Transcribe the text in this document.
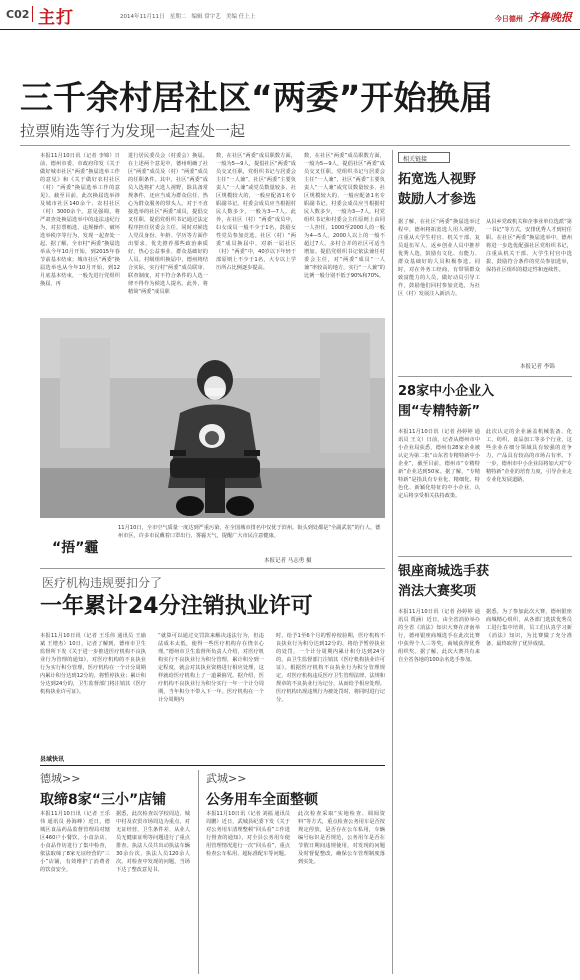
C02 主打	2014年11月11日 星期二 编辑 常宇艺 美编 任上上	今日德州 齐鲁晚报
三千余村居社区“两委”开始换届
拉票贿选等行为发现一起查处一起
本报11月10日讯（记者 李锦）日前，德州市委、市政府印发《关于做好城市社区“两委”换届选举工作的意见》和《关于做好农村社区（村）“两委”换届选举工作的意见》。截至目前，此次换届选举涉及城市社区140余个、农村社区（村）3000余个。意见强调，将严肃查处换届选举中的违法违纪行为，对拉票贿选、违规操作、破坏选举秩序等行为，发现一起查处一起。据了解，全市村“两委”换届选举从今年10月开始，到2015年春节前基本结束；城市社区“两委”换届选举也从今年10月开始，到12月底基本结束，一般先进行党组织换届，再
进行居民委员会（村委会）换届。在上述两个意见中，德州明确了社区“两委”成员及（村）“两委”成员的任职条件。其中，社区“两委”成员人选将扩大选人视野，除具备常规条件，还应当成为群众信任、热心为群众服务的带头人。对于不直接选举的社区“两委”成员，提倡交叉任职，提倡党组织书记通过法定程序担任居委会主任，同时对候选人党员身份、年龄、学历等方面作出要求，优先推荐那些政治素质好、热心公益事业、群众基础好的人员。村级组织换届中，德州将结合实际，实行村“两委”成员联审、联查制度，对不符合条件的人选一律不得作为候选人提名。此外，将精简“两委”成员职
数，在社区“两委”成员职数方面，一般为5—9人，提倡社区“两委”成员交叉任职，党组织书记与居委会主任“一人兼”，社区“两委”主要负责人“一人兼”或党员数量较多、社区规模较大的，一般应配备1名专职副书记。村委会成员应当根据村民人数多少，一般为3—7人。此外，在社区（村）“两委”成员中，妇女成员一般不少于1名，鼓励女性党员参加竞选。社区（村）“两委”成员换届中，对新一届社区（村）“两委”中，40岁以下年轻干部原则上不少于1名，大专以上学历所占比例逐步提高。
数，在社区“两委”成员职数方面，一般为5—9人，提倡社区“两委”成员交叉任职，党组织书记与居委会主任“一人兼”，社区“两委”主要负责人“一人兼”或党员数量较多、社区规模较大的，一般应配备1名专职副书记。村委会成员应当根据村民人数多少，一般为3—7人，村党组织书记和村委会主任原则上由同一人担任，1000至2000人的一般为4—5人，2000人以上的一般不超过7人。多村合并的社区可适当增加。提倡党组织书记依法兼任村委会主任，对“两委”成员“一人兼”率较高的地方，实行“一人兼”的比例一般分别不低于90%和70%。
“捂”霾
11月10日，全市空气质量一度达到严重污染，在全国城市排名中仅优于滨州。街头到处都是“全副武装”的行人。德州市区，许多市民戴着口罩出行，雾霾天气，提醒广大市民注意健康。
本报记者 马志勇 摄
医疗机构违规要扣分了
一年累计24分注销执业许可
本报11月10日讯（记者 王乐伟 通讯员 王瑜斌 王增杰）10日，记者了解到，德州市卫生监督所下发《关于进一步推进医疗机构不良执业行为管理的通知》，对医疗机构的不良执业行为实行积分管理，医疗机构在一个计分周期内累计积分达到12分的，将暂停执业；累计积分达到24分的，卫生监督部门将注销其《医疗机构执业许可证》。
“就算可以通过交罚款来解决违法行为，但违法成本太低，使得一些医疗机构存在侥幸心理。”德州市卫生监督所负责人介绍，对医疗机构实行不良执业行为积分管理，累计积分到一定程度，就会对其执业资格进行相应处理，这样就给医疗机构上了一道紧箍咒。据介绍，医疗机构不良执业行为积分实行一年一个计分周期，当年积分不带入下一年。医疗机构在一个计分周期内
时，给予1至6个月的暂停校验期，医疗机构不良执业行为积分达到12分的，将给予暂停执业的处罚，一个计分周期内累计积分达到24分的，由卫生监督部门注销其《医疗机构执业许可证》。根据医疗机构不良执业行为积分管理规定，对医疗机构违反医疗卫生管理法律、法规和规章的不良执业行为记分，从而给予相应处理。医疗机构出现违规行为被处罚时，将同时进行记分。
县域快讯
德城>>
取缔8家“三小”店铺
本报11月10日讯（记者 王乐伟 通讯员 孙海峰）近日，德城区食品药品监督管理局对辖区460户小餐饮、小食杂店、小食品作坊进行了集中检查，依法取缔了8家无证经营的“三小”店铺，有效维护了消费者的饮食安全。
据悉，此次检查以学校周边、城中村及农贸市场周边为重点，对无证经营、卫生条件差、从业人员无健康证明等问题进行了重点排查。执法人员共出动执法车辆30余台次，执法人员120余人次，对检查中发现的问题，当场下达了整改意见书。
武城>>
公务用车全面整顿
本报11月10日讯（记者 刘福 通讯员 周鹏）近日，武城县纪委下发《关于对公务用车清理整顿“回头看”工作进行督查的通知》，对全县公务用车使用管理情况进行一次“回头看”，重点检查公车私用、超标准配车等问题。
此次检查采取“实地检查、调阅资料”等方式，重点检查公务用车是否按规定停放，是否存在公车私用，车辆编号标识是否规范，公务用车是否在节假日期间违规使用，对发现的问题及时督促整改，确保公车管理制度落到实处。
相关链接
拓宽选人视野 鼓励人才参选
据了解，在社区“两委”换届选举过程中，德州将拓宽选人用人视野，注重从大学生村官、机关干部、复员退伍军人、返乡创业人员中推荐优秀人选，鼓励有文化、有能力、群众基础好的人员积极参选。同时，对在外务工经商、有带领群众致富能力的人员，做好动员引导工作，鼓励他们回村参加竞选，为社区（村）发展注入新活力。
从县乡党政机关和企事业单位选派“第一书记”等方式，安排优秀人才到村任职。在社区“两委”换届选举中，德州将进一步选优配强社区党组织书记，注重从机关干部、大学生村官中选拔，鼓励符合条件的党员参加选举，保持社区组织的稳定性和连续性。
本报记者 李锦
28家中小企业入围“专精特新”
本报11月10日讯（记者 孙婷婷 通讯员 王文）日前，记者从德州市中小企业局获悉，德州有28家企业被认定为第二批“山东省专精特新中小企业”，截至目前，德州市“专精特新”企业达到50家。据了解，“专精特新”是指具有专业化、精细化、特色化、新颖化特征的中小企业，认定后将享受相关扶持政策。
此次认定的企业涵盖机械装备、化工、纺织、食品加工等多个行业，这些企业在细分领域具有较强的竞争力，产品具有较高的市场占有率。下一步，德州市中小企业局将加大对“专精特新”企业的培育力度，引导企业走专业化发展道路。
银座商城选手获消法大赛奖项
本报11月10日讯（记者 孙婷婷 通讯员 贾涵）近日，由全省消协举办的全省《消法》知识大赛在济南举行，德州银座商城选手在此次比赛中获得个人三等奖，商城获得优秀组织奖。据了解，此次大赛共有来自全省各地的100余名选手参加。
据悉，为了参加此次大赛，德州银座商城精心组织，从各部门选拔优秀员工进行集中培训，员工们认真学习新《消法》知识，为比赛做了充分准备，最终取得了优异成绩。
